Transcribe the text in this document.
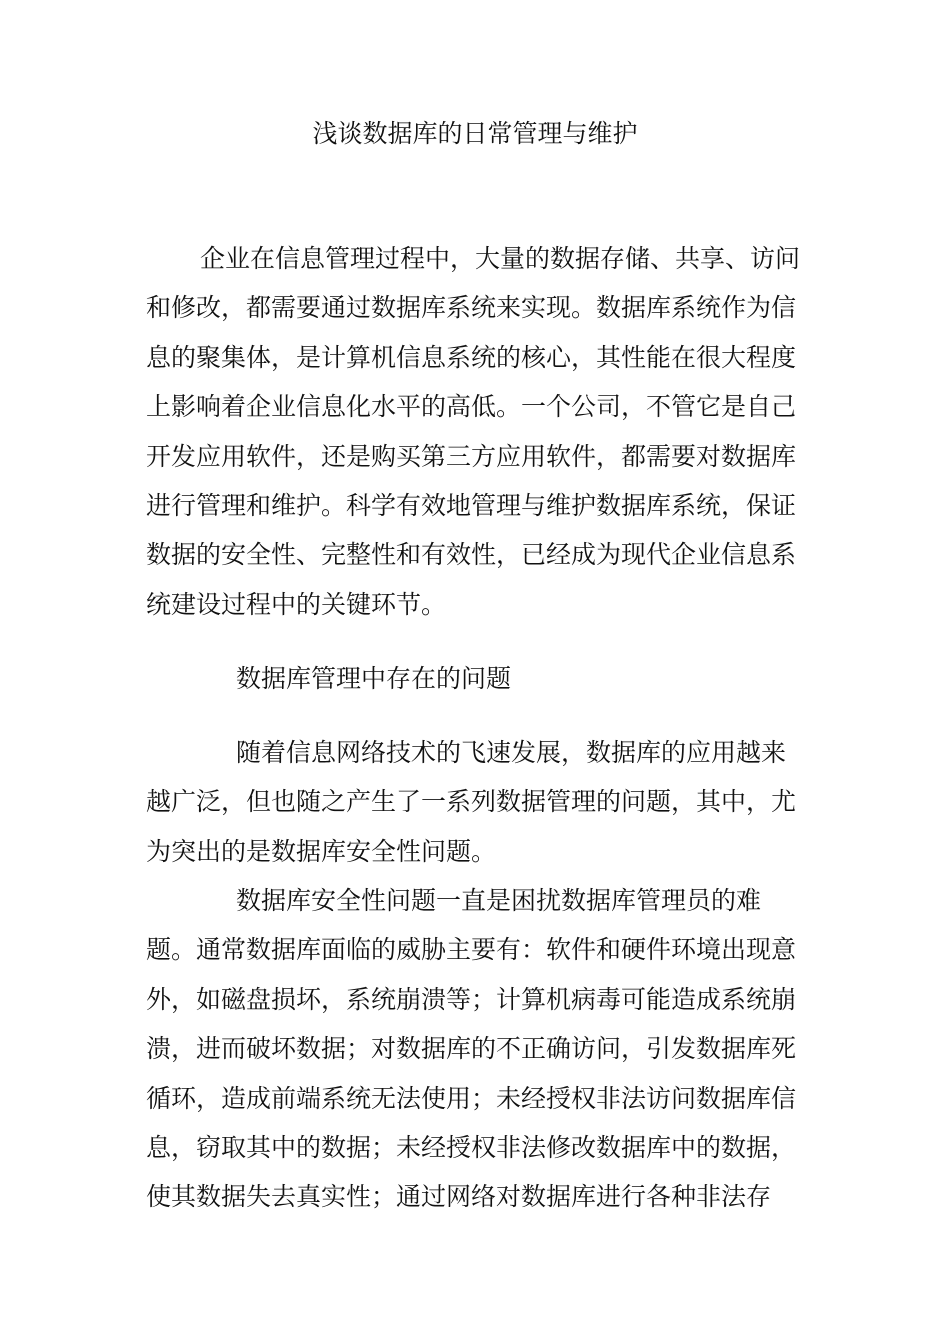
浅谈数据库的日常管理与维护
企业在信息管理过程中，大量的数据存储、共享、访问
和修改，都需要通过数据库系统来实现。数据库系统作为信
息的聚集体，是计算机信息系统的核心，其性能在很大程度
上影响着企业信息化水平的高低。一个公司，不管它是自己
开发应用软件，还是购买第三方应用软件，都需要对数据库
进行管理和维护。科学有效地管理与维护数据库系统，保证
数据的安全性、完整性和有效性，已经成为现代企业信息系
统建设过程中的关键环节。
数据库管理中存在的问题
随着信息网络技术的飞速发展，数据库的应用越来
越广泛，但也随之产生了一系列数据管理的问题，其中，尤
为突出的是数据库安全性问题。
数据库安全性问题一直是困扰数据库管理员的难
题。通常数据库面临的威胁主要有：软件和硬件环境出现意
外，如磁盘损坏，系统崩溃等；计算机病毒可能造成系统崩
溃，进而破坏数据；对数据库的不正确访问，引发数据库死
循环，造成前端系统无法使用；未经授权非法访问数据库信
息，窃取其中的数据；未经授权非法修改数据库中的数据，
使其数据失去真实性；通过网络对数据库进行各种非法存
